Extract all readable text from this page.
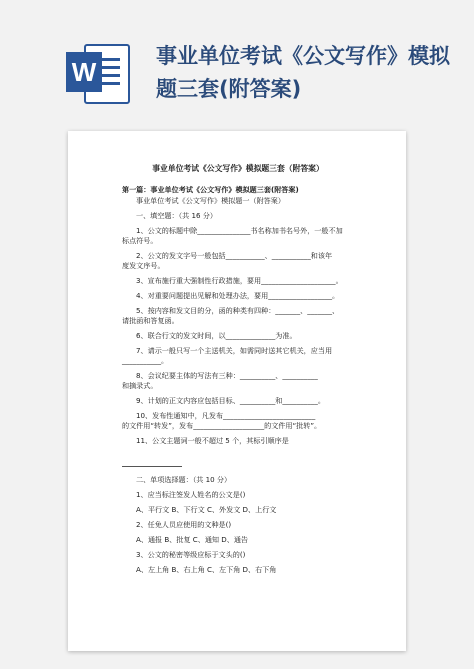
W
事业单位考试《公文写作》模拟题三套(附答案)
事业单位考试《公文写作》模拟题三套（附答案）
第一篇：事业单位考试《公文写作》模拟题三套(附答案)

事业单位考试《公文写作》模拟题一（附答案）

一、填空题：（共 16 分）

1、公文的标题中除_______________书名称加书名号外，一般不加

标点符号。

2、公文的发文字号一般包括___________、___________和该年

度发文序号。

3、宣布施行重大强制性行政措施，要用_____________________。

4、对重要问题提出见解和处理办法，要用__________________。

5、按内容和发文目的分，函的种类有四种：_______、_______、

请批函和答复函。

6、联合行文的发文时间，以______________为准。

7、请示一般只写一个主送机关，如需同时送其它机关，应当用

___________。

8、会议纪要主体的写法有三种：__________、__________

和摘录式。

9、计划的正文内容应包括目标、__________和__________。

10、发布性通知中，凡发布__________________________

的文件用“转发”，发布____________________的文件用“批转”。

11、公文主题词一般不超过 5 个，其标引顺序是

二、单项选择题：（共 10 分）

1、应当标注签发人姓名的公文是()

A、平行文 B、下行文 C、外发文 D、上行文

2、任免人员应使用的文种是()

A、通报 B、批复 C、通知 D、通告

3、公文的秘密等级应标于文头的()

A、左上角 B、右上角 C、左下角 D、右下角
